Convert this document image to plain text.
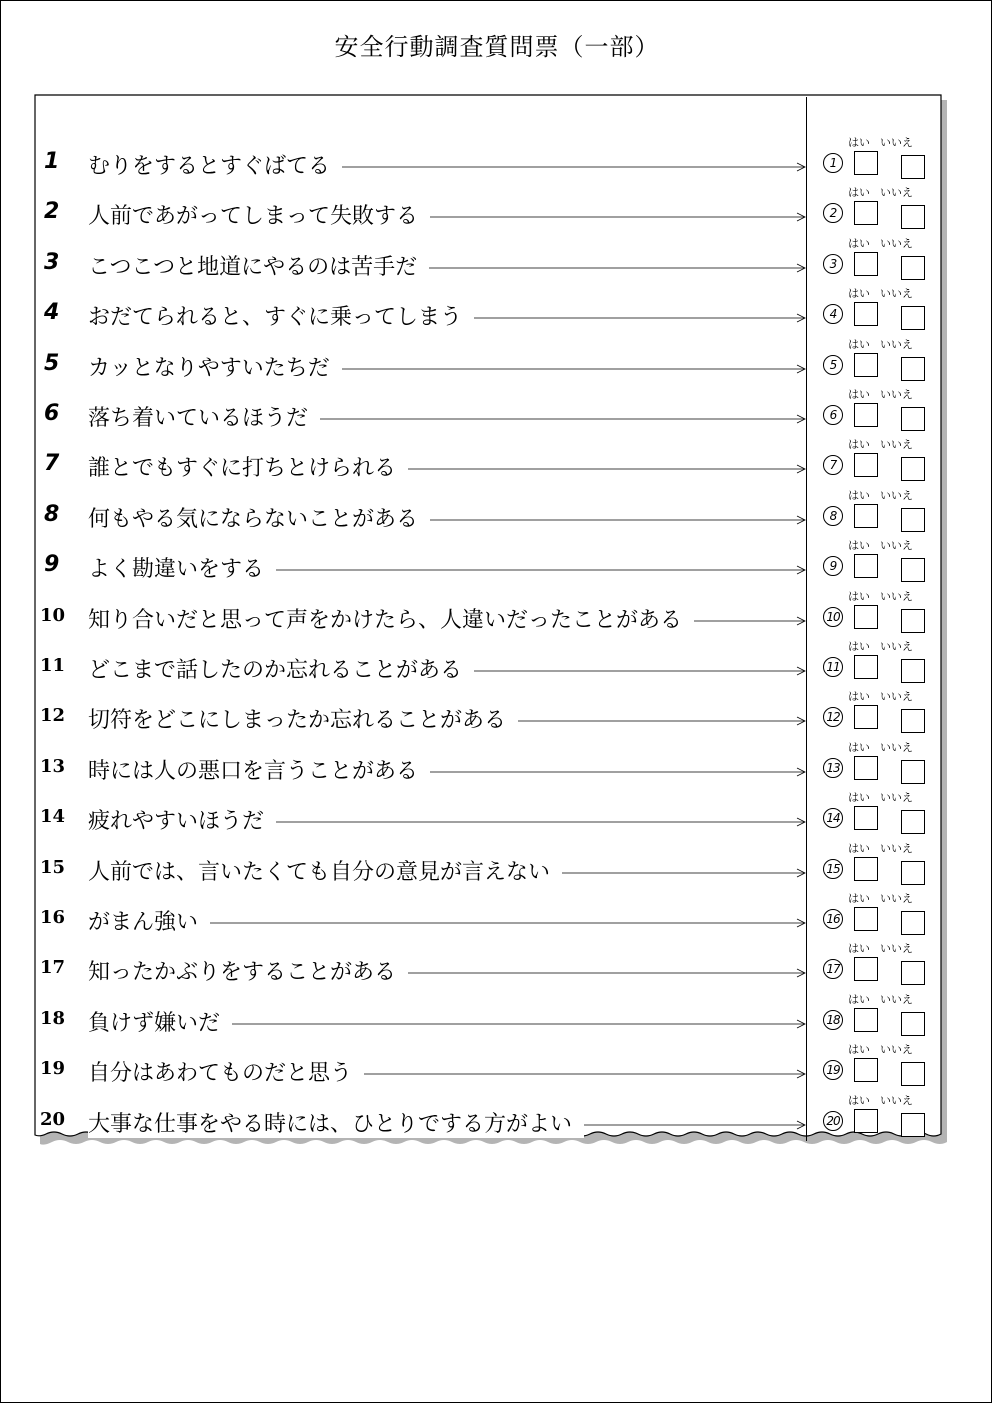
安全行動調査質問票（一部）
1	むりをするとすぐばてる	1
はい いいえ
2	人前であがってしまって失敗する	2
はい いいえ
3	こつこつと地道にやるのは苦手だ	3
はい いいえ
4	おだてられると、すぐに乗ってしまう	4
はい いいえ
5	カッとなりやすいたちだ	5
はい いいえ
6	落ち着いているほうだ	6
はい いいえ
7	誰とでもすぐに打ちとけられる	7
はい いいえ
8	何もやる気にならないことがある	8
はい いいえ
9	よく勘違いをする	9
はい いいえ
10	知り合いだと思って声をかけたら、人違いだったことがある	10
はい いいえ
11	どこまで話したのか忘れることがある	11
はい いいえ
12	切符をどこにしまったか忘れることがある	12
はい いいえ
13	時には人の悪口を言うことがある	13
はい いいえ
14	疲れやすいほうだ	14
はい いいえ
15	人前では、言いたくても自分の意見が言えない	15
はい いいえ
16	がまん強い	16
はい いいえ
17	知ったかぶりをすることがある	17
はい いいえ
18	負けず嫌いだ	18
はい いいえ
19	自分はあわてものだと思う	19
はい いいえ
20	大事な仕事をやる時には、ひとりでする方がよい	20
はい いいえ
